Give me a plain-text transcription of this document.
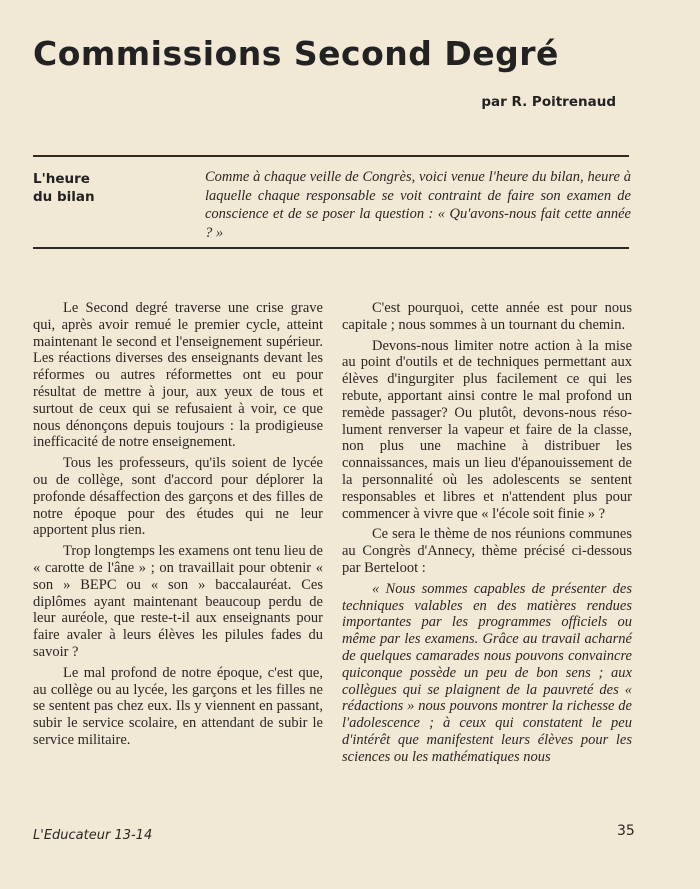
Commissions Second Degré
par R. Poitrenaud
L'heure
du bilan

Comme à chaque veille de Congrès, voici venue l'heure du bilan, heure à laquelle chaque responsable se voit contraint de faire son examen de conscience et de se poser la question : « Qu'avons-nous fait cette année ? »

Le Second degré traverse une crise grave qui, après avoir remué le premier cycle, atteint maintenant le second et l'enseignement supérieur. Les réactions diverses des enseignants devant les réformes ou autres réformettes ont eu pour résultat de mettre à jour, aux yeux de tous et surtout de ceux qui se refusaient à voir, ce que nous dénonçons depuis toujours : la prodigieuse inefficacité de notre enseignement.

Tous les professeurs, qu'ils soient de lycée ou de collège, sont d'accord pour déplorer la profonde désaffection des garçons et des filles de notre époque pour des études qui ne leur apportent plus rien.

Trop longtemps les examens ont tenu lieu de « carotte de l'âne » ; on travaillait pour obtenir « son » BEPC ou « son » baccalauréat. Ces diplômes ayant maintenant beaucoup perdu de leur auréole, que reste-t-il aux enseignants pour faire avaler à leurs élèves les pilules fades du savoir ?

Le mal profond de notre époque, c'est que, au collège ou au lycée, les garçons et les filles ne se sentent pas chez eux. Ils y viennent en passant, subir le service scolaire, en attendant de subir le service militaire.

C'est pourquoi, cette année est pour nous capitale ; nous sommes à un tournant du chemin.

Devons-nous limiter notre action à la mise au point d'outils et de techniques permettant aux élèves d'ingurgiter plus facilement ce qui les rebute, apportant ainsi contre le mal profond un remède passager? Ou plutôt, devons-nous résolument renverser la vapeur et faire de la classe, non plus une machine à distribuer les connaissances, mais un lieu d'épanouissement de la personnalité où les adolescents se sentent responsables et libres et n'attendent plus pour commencer à vivre que « l'école soit finie » ?

Ce sera le thème de nos réunions communes au Congrès d'Annecy, thème précisé ci-dessous par Berteloot :

« Nous sommes capables de présenter des techniques valables en des matières rendues importantes par les programmes officiels ou même par les examens. Grâce au travail acharné de quelques camarades nous pouvons convaincre quiconque possède un peu de bon sens ; aux collègues qui se plaignent de la pauvreté des « rédactions » nous pouvons montrer la richesse de l'adolescence ; à ceux qui constatent le peu d'intérêt que manifestent leurs élèves pour les sciences ou les mathématiques nous

L'Educateur 13-14	35
